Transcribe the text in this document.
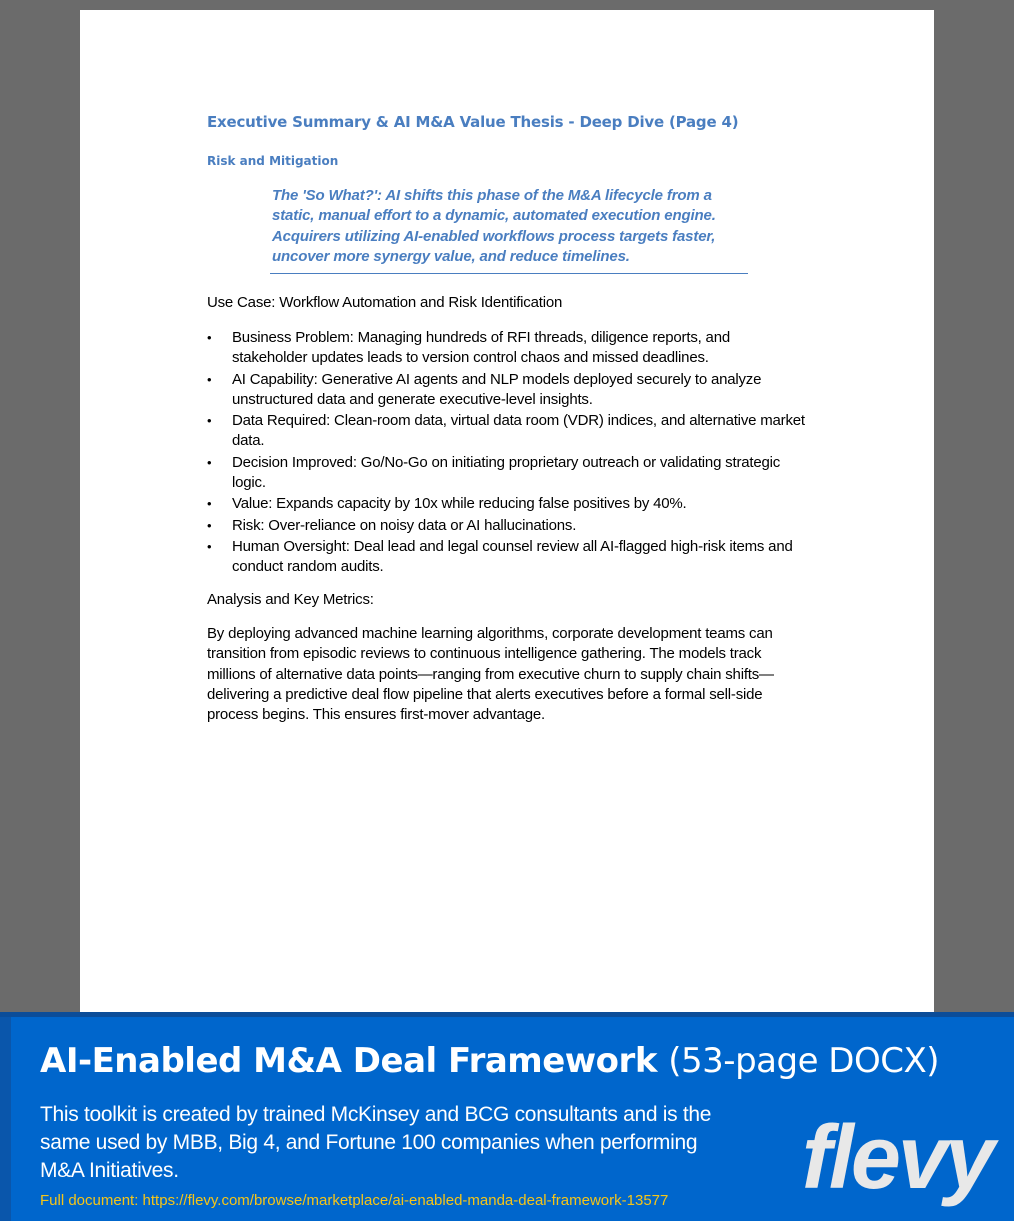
Executive Summary & AI M&A Value Thesis - Deep Dive (Page 4)
Risk and Mitigation

The 'So What?': AI shifts this phase of the M&A lifecycle from a static, manual effort to a dynamic, automated execution engine. Acquirers utilizing AI-enabled workflows process targets faster, uncover more synergy value, and reduce timelines.

Use Case: Workflow Automation and Risk Identification

• Business Problem: Managing hundreds of RFI threads, diligence reports, and stakeholder updates leads to version control chaos and missed deadlines.
• AI Capability: Generative AI agents and NLP models deployed securely to analyze unstructured data and generate executive-level insights.
• Data Required: Clean-room data, virtual data room (VDR) indices, and alternative market data.
• Decision Improved: Go/No-Go on initiating proprietary outreach or validating strategic logic.
• Value: Expands capacity by 10x while reducing false positives by 40%.
• Risk: Over-reliance on noisy data or AI hallucinations.
• Human Oversight: Deal lead and legal counsel review all AI-flagged high-risk items and conduct random audits.

Analysis and Key Metrics:

By deploying advanced machine learning algorithms, corporate development teams can transition from episodic reviews to continuous intelligence gathering. The models track millions of alternative data points—ranging from executive churn to supply chain shifts—delivering a predictive deal flow pipeline that alerts executives before a formal sell-side process begins. This ensures first-mover advantage.

AI-Enabled M&A Deal Framework (53-page DOCX)

This toolkit is created by trained McKinsey and BCG consultants and is the same used by MBB, Big 4, and Fortune 100 companies when performing M&A Initiatives.

Full document: https://flevy.com/browse/marketplace/ai-enabled-manda-deal-framework-13577 flevy
